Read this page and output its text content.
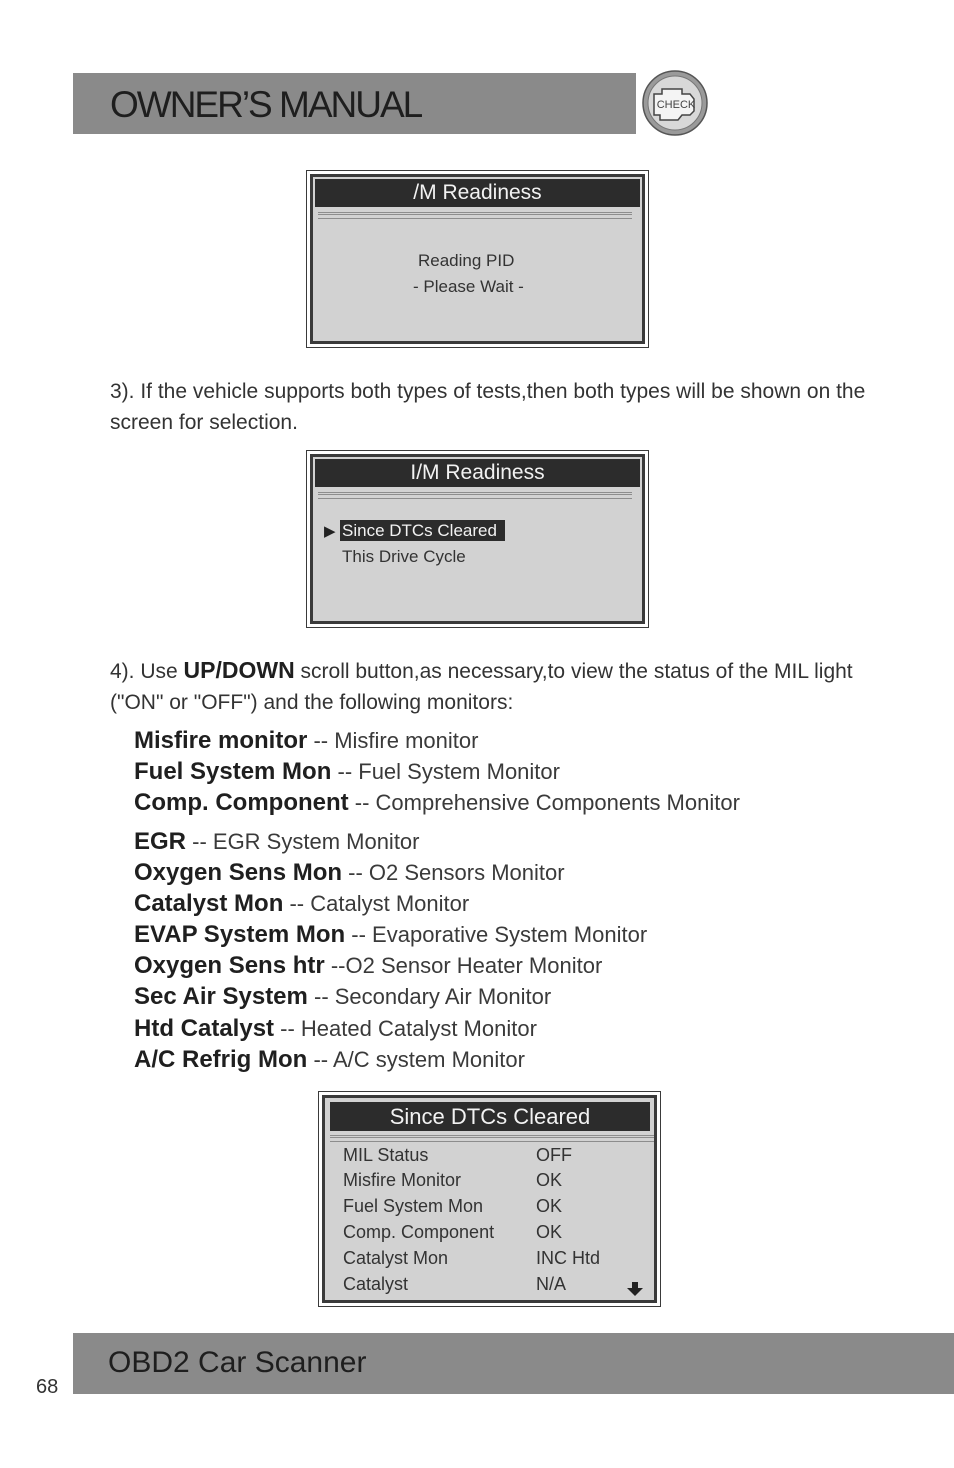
OWNER’S MANUAL	CHECK
/M Readiness
Reading PID
- Please Wait -
3). If the vehicle supports both types of tests,then both types will be shown on the screen for selection.
I/M Readiness
▶ Since DTCs Cleared
This Drive Cycle
4). Use UP/DOWN scroll button,as necessary,to view the status of the MIL light ("ON" or "OFF") and the following monitors:
Misfire monitor -- Misfire monitor
Fuel System Mon -- Fuel System Monitor
Comp. Component -- Comprehensive Components Monitor
EGR -- EGR System Monitor
Oxygen Sens Mon -- O2 Sensors Monitor
Catalyst Mon -- Catalyst Monitor
EVAP System Mon -- Evaporative System Monitor
Oxygen Sens htr --O2 Sensor Heater Monitor
Sec Air System -- Secondary Air Monitor
Htd Catalyst -- Heated Catalyst Monitor
A/C Refrig Mon -- A/C system Monitor
Since DTCs Cleared
MIL Status	OFF
Misfire Monitor	OK
Fuel System Mon	OK
Comp. Component OK
Catalyst Mon	INC Htd
Catalyst	N/A
OBD2 Car Scanner
68
